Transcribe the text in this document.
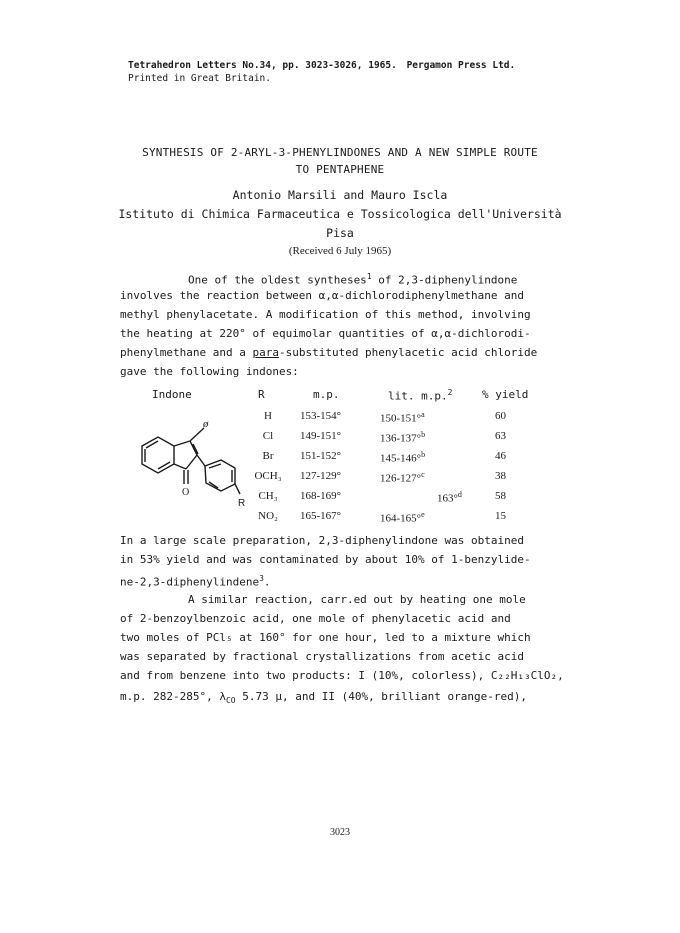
Tetrahedron Letters No.34, pp. 3023-3026, 1965. Pergamon Press Ltd.
Printed in Great Britain.
SYNTHESIS OF 2-ARYL-3-PHENYLINDONES AND A NEW SIMPLE ROUTE
TO PENTAPHENE
Antonio Marsili and Mauro Iscla
Istituto di Chimica Farmaceutica e Tossicologica dell'Università
Pisa
(Received 6 July 1965)
One of the oldest syntheses$^1$ of 2,3-diphenylindone
involves the reaction between α,α-dichlorodiphenylmethane and
methyl phenylacetate. A modification of this method, involving
the heating at 220° of equimolar quantities of α,α-dichlorodi-
phenylmethane and a para-substituted phenylacetic acid chloride
gave the following indones:
Indone	R	m.p.	lit. m.p.$^2$	% yield
H	153-154°	150-151°$^a$	60
Cl	149-151°	136-137°$^b$	63
Br	151-152°	145-146°$^b$	46
OCH₃	127-129°	126-127°$^c$	38
CH₃	168-169°	163°$^d$	58
NO₂	165-167°	164-165°$^e$	15
ø
O
R
In a large scale preparation, 2,3-diphenylindone was obtained
in 53% yield and was contaminated by about 10% of 1-benzylide-
ne-2,3-diphenylindene$^3$.
A similar reaction, carr.ed out by heating one mole
of 2-benzoylbenzoic acid, one mole of phenylacetic acid and
two moles of PCl₅ at 160° for one hour, led to a mixture which
was separated by fractional crystallizations from acetic acid
and from benzene into two products: I (10%, colorless), C₂₂H₁₃ClO₂,
m.p. 282-285°, $\lambda_{CO}$ 5.73 μ, and II (40%, brilliant orange-red),
3023
